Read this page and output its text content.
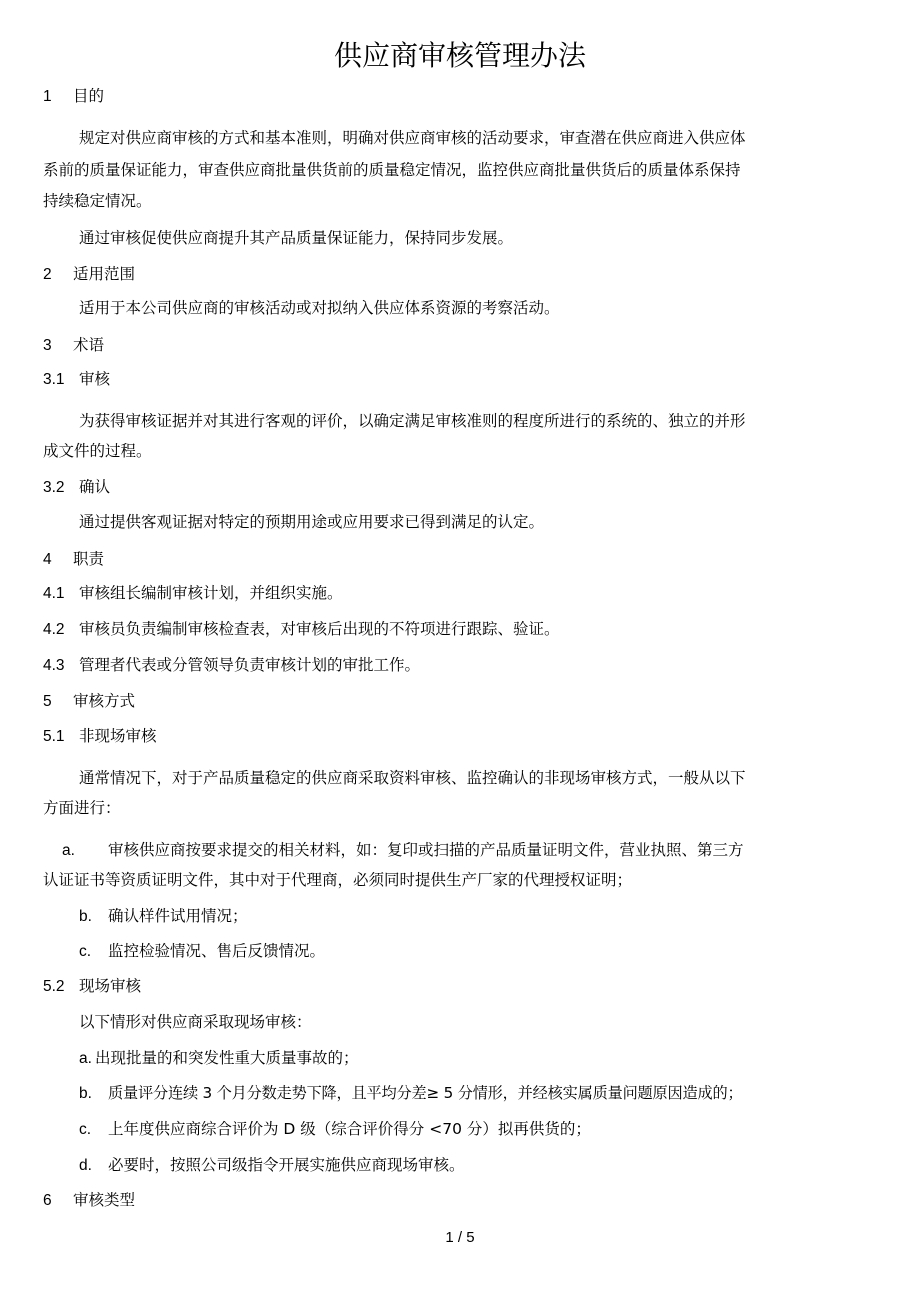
供应商审核管理办法
1 目的
规定对供应商审核的方式和基本准则，明确对供应商审核的活动要求，审查潜在供应商进入供应体
系前的质量保证能力，审查供应商批量供货前的质量稳定情况，监控供应商批量供货后的质量体系保持
持续稳定情况。
通过审核促使供应商提升其产品质量保证能力，保持同步发展。
2 适用范围
适用于本公司供应商的审核活动或对拟纳入供应体系资源的考察活动。
3 术语
3.1 审核
为获得审核证据并对其进行客观的评价，以确定满足审核准则的程度所进行的系统的、独立的并形
成文件的过程。
3.2 确认
通过提供客观证据对特定的预期用途或应用要求已得到满足的认定。
4 职责
4.1 审核组长编制审核计划，并组织实施。
4.2 审核员负责编制审核检查表，对审核后出现的不符项进行跟踪、验证。
4.3 管理者代表或分管领导负责审核计划的审批工作。
5 审核方式
5.1 非现场审核
通常情况下，对于产品质量稳定的供应商采取资料审核、监控确认的非现场审核方式，一般从以下
方面进行：
a. 审核供应商按要求提交的相关材料，如：复印或扫描的产品质量证明文件，营业执照、第三方
认证证书等资质证明文件，其中对于代理商，必须同时提供生产厂家的代理授权证明；
b. 确认样件试用情况；
c. 监控检验情况、售后反馈情况。
5.2 现场审核
以下情形对供应商采取现场审核：
a. 出现批量的和突发性重大质量事故的；
b. 质量评分连续 3 个月分数走势下降，且平均分差≥ 5 分情形，并经核实属质量问题原因造成的；
c. 上年度供应商综合评价为 D 级（综合评价得分 <70 分）拟再供货的；
d. 必要时，按照公司级指令开展实施供应商现场审核。
6 审核类型
1 / 5
